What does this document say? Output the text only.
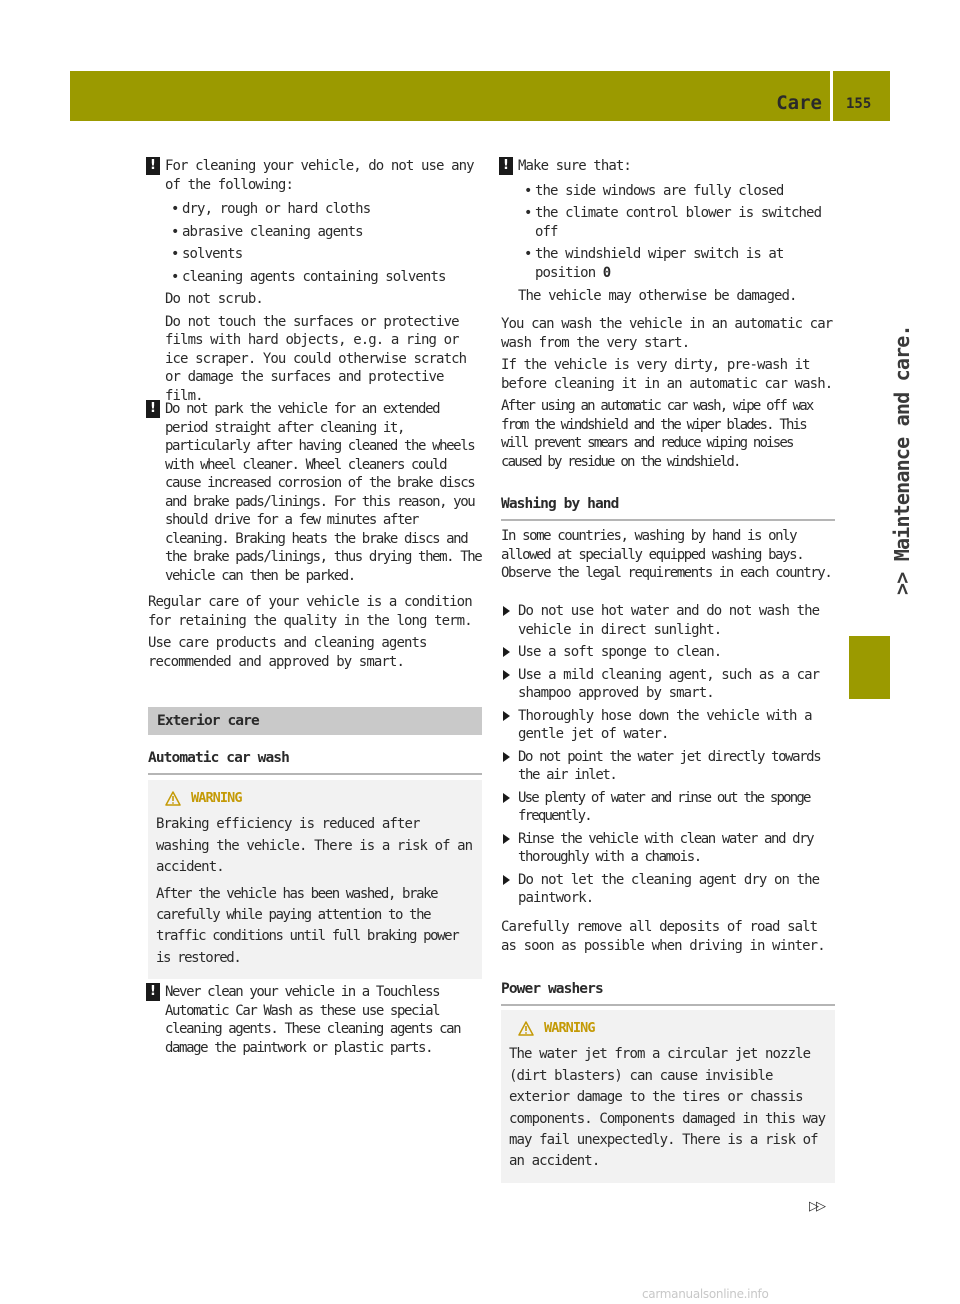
Care 155
>> Maintenance and care.
! For cleaning your vehicle, do not use any of the following:

• dry, rough or hard cloths
• abrasive cleaning agents
• solvents
• cleaning agents containing solvents

Do not scrub.

Do not touch the surfaces or protective films with hard objects, e.g. a ring or ice scraper. You could otherwise scratch or damage the surfaces and protective film.

! Do not park the vehicle for an extended period straight after cleaning it, particularly after having cleaned the wheels with wheel cleaner. Wheel cleaners could cause increased corrosion of the brake discs and brake pads/linings. For this reason, you should drive for a few minutes after cleaning. Braking heats the brake discs and the brake pads/linings, thus drying them. The vehicle can then be parked.

Regular care of your vehicle is a condition for retaining the quality in the long term.

Use care products and cleaning agents recommended and approved by smart.

Exterior care
Automatic car wash
WARNING

Braking efficiency is reduced after washing the vehicle. There is a risk of an accident.

After the vehicle has been washed, brake carefully while paying attention to the traffic conditions until full braking power is restored.

! Never clean your vehicle in a Touchless Automatic Car Wash as these use special cleaning agents. These cleaning agents can damage the paintwork or plastic parts.

! Make sure that:

• the side windows are fully closed
• the climate control blower is switched off
• the windshield wiper switch is at position 0

The vehicle may otherwise be damaged.

You can wash the vehicle in an automatic car wash from the very start.

If the vehicle is very dirty, pre-wash it before cleaning it in an automatic car wash.

After using an automatic car wash, wipe off wax from the windshield and the wiper blades. This will prevent smears and reduce wiping noises caused by residue on the windshield.

Washing by hand

In some countries, washing by hand is only allowed at specially equipped washing bays. Observe the legal requirements in each country.

Do not use hot water and do not wash the vehicle in direct sunlight.
Use a soft sponge to clean.
Use a mild cleaning agent, such as a car shampoo approved by smart.
Thoroughly hose down the vehicle with a gentle jet of water.
Do not point the water jet directly towards the air inlet.
Use plenty of water and rinse out the sponge frequently.
Rinse the vehicle with clean water and dry thoroughly with a chamois.
Do not let the cleaning agent dry on the paintwork.

Carefully remove all deposits of road salt as soon as possible when driving in winter.

Power washers
WARNING

The water jet from a circular jet nozzle (dirt blasters) can cause invisible exterior damage to the tires or chassis components. Components damaged in this way may fail unexpectedly. There is a risk of an accident.

▷▷
carmanualsonline.info
